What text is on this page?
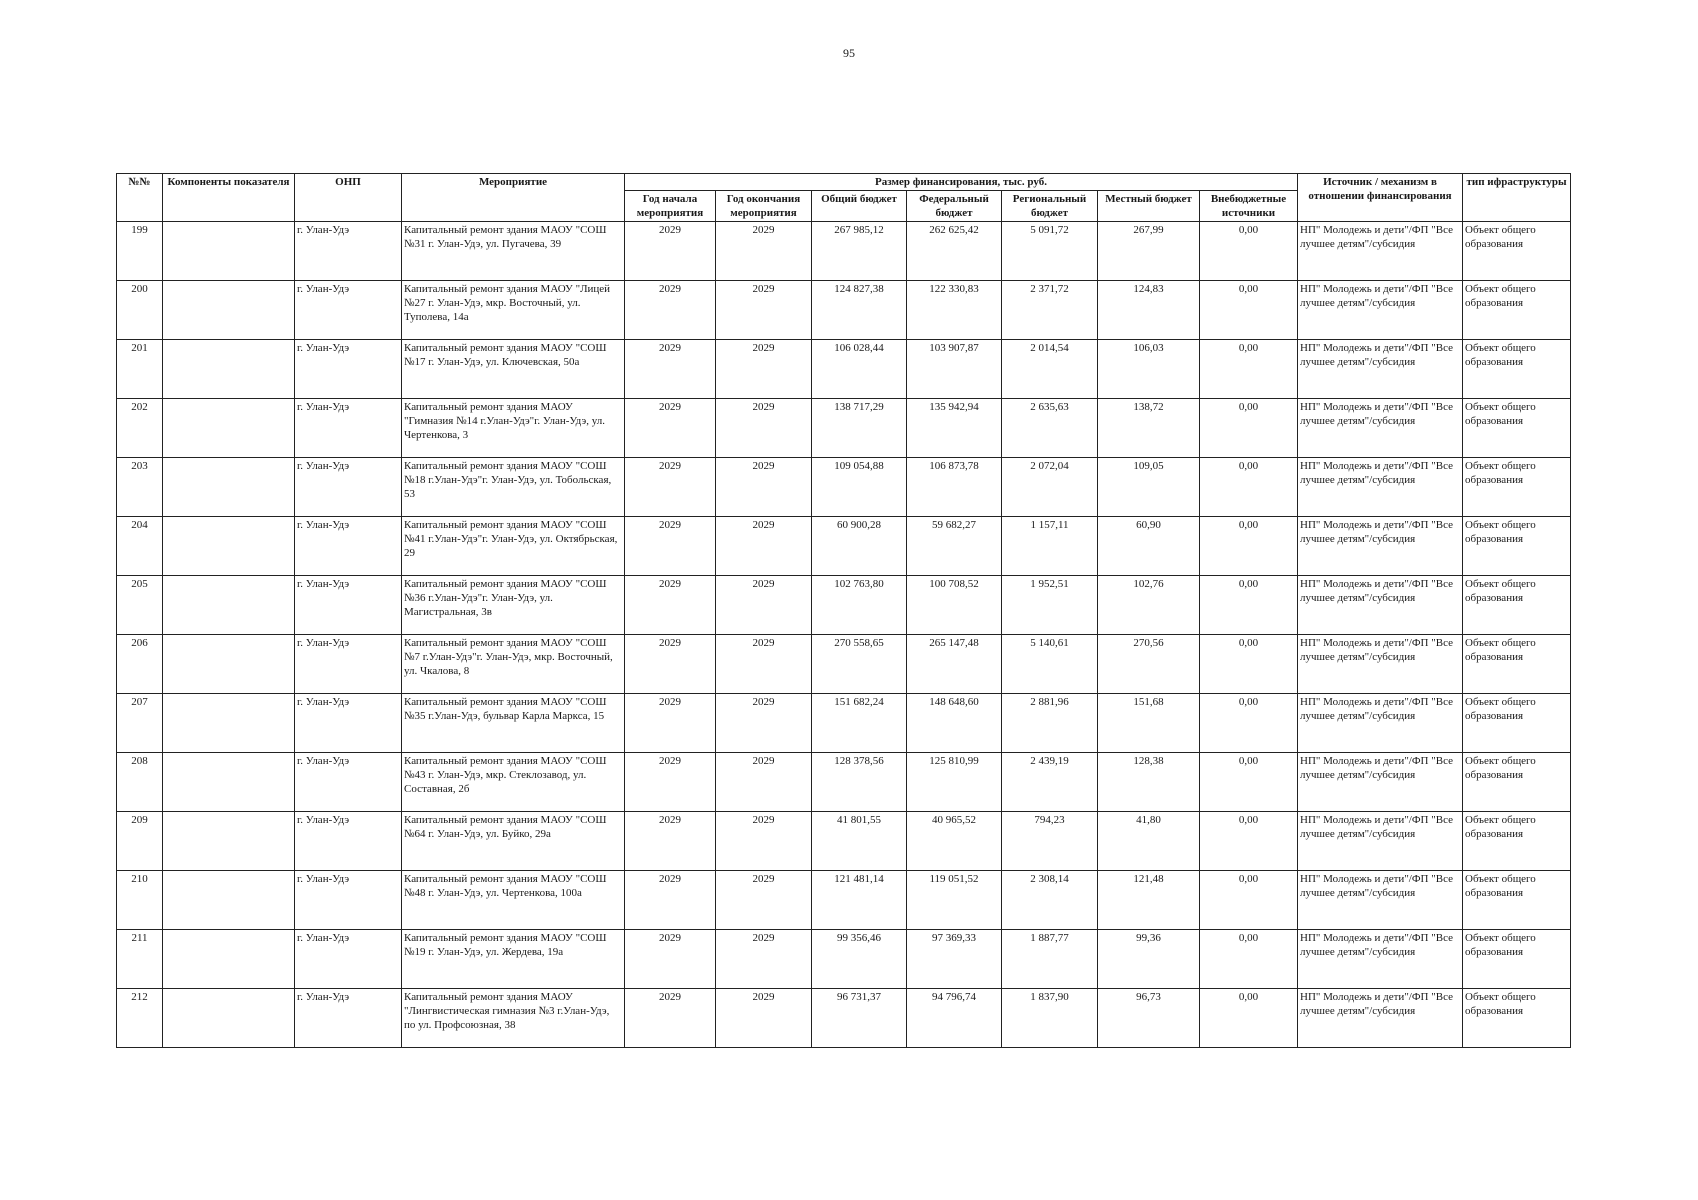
95
№№	Компоненты показателя	ОНП	Мероприятие	Размер финансирования, тыс. руб.							Источник / механизм в отношении финансирования	тип ифраструктуры
				Год начала мероприятия	Год окончания мероприятия	Общий бюджет	Федеральный бюджет	Региональный бюджет	Местный бюджет	Внебюджетные источники		
199		г. Улан-Удэ	Капитальный ремонт здания МАОУ "СОШ №31 г. Улан-Удэ, ул. Пугачева, 39	2029	2029	267 985,12	262 625,42	5 091,72	267,99	0,00	НП" Молодежь и дети"/ФП "Все лучшее детям"/субсидия	Объект общего образования
200		г. Улан-Удэ	Капитальный ремонт здания МАОУ "Лицей №27 г. Улан-Удэ, мкр. Восточный, ул. Туполева, 14а	2029	2029	124 827,38	122 330,83	2 371,72	124,83	0,00	НП" Молодежь и дети"/ФП "Все лучшее детям"/субсидия	Объект общего образования
201		г. Улан-Удэ	Капитальный ремонт здания МАОУ "СОШ №17 г. Улан-Удэ, ул. Ключевская, 50а	2029	2029	106 028,44	103 907,87	2 014,54	106,03	0,00	НП" Молодежь и дети"/ФП "Все лучшее детям"/субсидия	Объект общего образования
202		г. Улан-Удэ	Капитальный ремонт здания МАОУ "Гимназия №14 г.Улан-Удэ"г. Улан-Удэ, ул. Чертенкова, 3	2029	2029	138 717,29	135 942,94	2 635,63	138,72	0,00	НП" Молодежь и дети"/ФП "Все лучшее детям"/субсидия	Объект общего образования
203		г. Улан-Удэ	Капитальный ремонт здания МАОУ "СОШ №18 г.Улан-Удэ"г. Улан-Удэ, ул. Тобольская, 53	2029	2029	109 054,88	106 873,78	2 072,04	109,05	0,00	НП" Молодежь и дети"/ФП "Все лучшее детям"/субсидия	Объект общего образования
204		г. Улан-Удэ	Капитальный ремонт здания МАОУ "СОШ №41 г.Улан-Удэ"г. Улан-Удэ, ул. Октябрьская, 29	2029	2029	60 900,28	59 682,27	1 157,11	60,90	0,00	НП" Молодежь и дети"/ФП "Все лучшее детям"/субсидия	Объект общего образования
205		г. Улан-Удэ	Капитальный ремонт здания МАОУ "СОШ №36 г.Улан-Удэ"г. Улан-Удэ, ул. Магистральная, 3в	2029	2029	102 763,80	100 708,52	1 952,51	102,76	0,00	НП" Молодежь и дети"/ФП "Все лучшее детям"/субсидия	Объект общего образования
206		г. Улан-Удэ	Капитальный ремонт здания МАОУ "СОШ №7 г.Улан-Удэ"г. Улан-Удэ, мкр. Восточный, ул. Чкалова, 8	2029	2029	270 558,65	265 147,48	5 140,61	270,56	0,00	НП" Молодежь и дети"/ФП "Все лучшее детям"/субсидия	Объект общего образования
207		г. Улан-Удэ	Капитальный ремонт здания МАОУ "СОШ №35 г.Улан-Удэ, бульвар Карла Маркса, 15	2029	2029	151 682,24	148 648,60	2 881,96	151,68	0,00	НП" Молодежь и дети"/ФП "Все лучшее детям"/субсидия	Объект общего образования
208		г. Улан-Удэ	Капитальный ремонт здания МАОУ "СОШ №43 г. Улан-Удэ, мкр. Стеклозавод, ул. Составная, 2б	2029	2029	128 378,56	125 810,99	2 439,19	128,38	0,00	НП" Молодежь и дети"/ФП "Все лучшее детям"/субсидия	Объект общего образования
209		г. Улан-Удэ	Капитальный ремонт здания МАОУ "СОШ №64 г. Улан-Удэ, ул. Буйко, 29а	2029	2029	41 801,55	40 965,52	794,23	41,80	0,00	НП" Молодежь и дети"/ФП "Все лучшее детям"/субсидия	Объект общего образования
210		г. Улан-Удэ	Капитальный ремонт здания МАОУ "СОШ №48 г. Улан-Удэ, ул. Чертенкова, 100а	2029	2029	121 481,14	119 051,52	2 308,14	121,48	0,00	НП" Молодежь и дети"/ФП "Все лучшее детям"/субсидия	Объект общего образования
211		г. Улан-Удэ	Капитальный ремонт здания МАОУ "СОШ №19 г. Улан-Удэ, ул. Жердева, 19а	2029	2029	99 356,46	97 369,33	1 887,77	99,36	0,00	НП" Молодежь и дети"/ФП "Все лучшее детям"/субсидия	Объект общего образования
212		г. Улан-Удэ	Капитальный ремонт здания МАОУ "Лингвистическая гимназия №3 г.Улан-Удэ, по ул. Профсоюзная, 38	2029	2029	96 731,37	94 796,74	1 837,90	96,73	0,00	НП" Молодежь и дети"/ФП "Все лучшее детям"/субсидия	Объект общего образования
